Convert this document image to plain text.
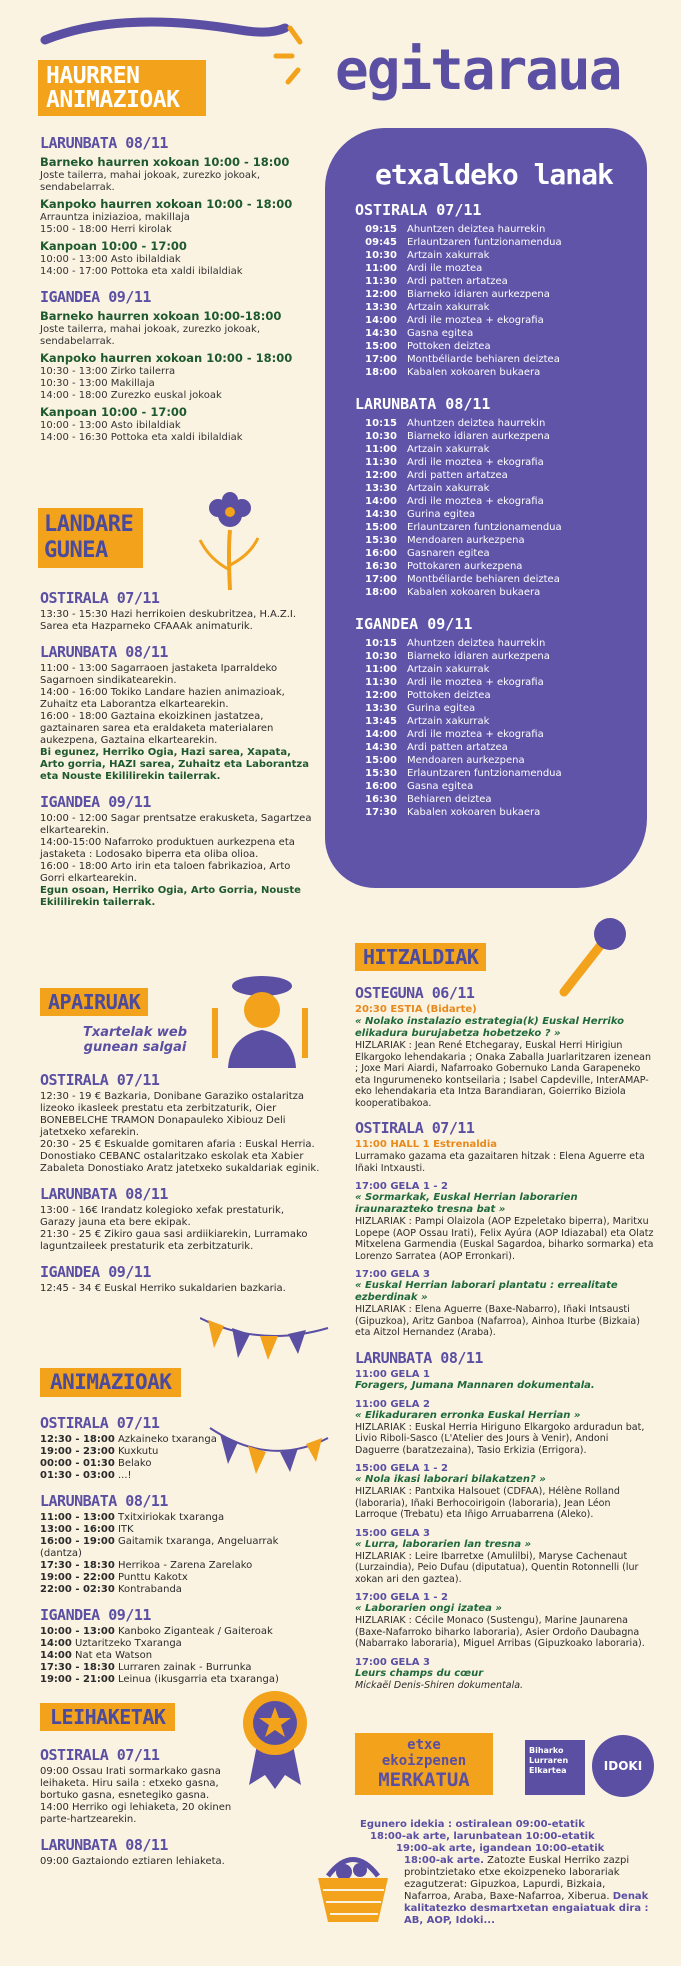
egitaraua
HAURREN ANIMAZIOAK
LARUNBATA 08/11
Barneko haurren xokoan 10:00 - 18:00
Joste tailerra, mahai jokoak, zurezko jokoak, sendabelarrak.
Kanpoko haurren xokoan 10:00 - 18:00
Arrauntza iniziazioa, makillaja
15:00 - 18:00 Herri kirolak
Kanpoan 10:00 - 17:00
10:00 - 13:00 Asto ibilaldiak
14:00 - 17:00 Pottoka eta xaldi ibilaldiak
IGANDEA 09/11
Barneko haurren xokoan 10:00-18:00
Joste tailerra, mahai jokoak, zurezko jokoak, sendabelarrak.
Kanpoko haurren xokoan 10:00 - 18:00
10:30 - 13:00 Zirko tailerra
10:30 - 13:00 Makillaja
14:00 - 18:00 Zurezko euskal jokoak
Kanpoan 10:00 - 17:00
10:00 - 13:00 Asto ibilaldiak
14:00 - 16:30 Pottoka eta xaldi ibilaldiak
etxaldeko lanak
OSTIRALA 07/11
09:15	Ahuntzen deiztea haurrekin
09:45	Erlauntzaren funtzionamendua
10:30	Artzain xakurrak
11:00	Ardi ile moztea
11:30	Ardi patten artatzea
12:00	Biarneko idiaren aurkezpena
13:30	Artzain xakurrak
14:00	Ardi ile moztea + ekografia
14:30	Gasna egitea
15:00	Pottoken deiztea
17:00	Montbéliarde behiaren deiztea
18:00	Kabalen xokoaren bukaera
LARUNBATA 08/11
10:15	Ahuntzen deiztea haurrekin
10:30	Biarneko idiaren aurkezpena
11:00	Artzain xakurrak
11:30	Ardi ile moztea + ekografia
12:00	Ardi patten artatzea
13:30	Artzain xakurrak
14:00	Ardi ile moztea + ekografia
14:30	Gurina egitea
15:00	Erlauntzaren funtzionamendua
15:30	Mendoaren aurkezpena
16:00	Gasnaren egitea
16:30	Pottokaren aurkezpena
17:00	Montbéliarde behiaren deiztea
18:00	Kabalen xokoaren bukaera
IGANDEA 09/11
10:15	Ahuntzen deiztea haurrekin
10:30	Biarneko idiaren aurkezpena
11:00	Artzain xakurrak
11:30	Ardi ile moztea + ekografia
12:00	Pottoken deiztea
13:30	Gurina egitea
13:45	Artzain xakurrak
14:00	Ardi ile moztea + ekografia
14:30	Ardi patten artatzea
15:00	Mendoaren aurkezpena
15:30	Erlauntzaren funtzionamendua
16:00	Gasna egitea
16:30	Behiaren deiztea
17:30	Kabalen xokoaren bukaera
LANDARE GUNEA
OSTIRALA 07/11
13:30 - 15:30 Hazi herrikoien deskubritzea, H.A.Z.I. Sarea eta Hazparneko CFAAAk animaturik.
LARUNBATA 08/11
11:00 - 13:00 Sagarraoen jastaketa Iparraldeko Sagarnoen sindikatearekin.
14:00 - 16:00 Tokiko Landare hazien animazioak, Zuhaitz eta Laborantza elkartearekin.
16:00 - 18:00 Gaztaina ekoizkinen jastatzea, gaztainaren sarea eta eraldaketa materialaren aukezpena, Gaztaina elkartearekin.
Bi egunez, Herriko Ogia, Hazi sarea, Xapata, Arto gorria, HAZI sarea, Zuhaitz eta Laborantza eta Nouste Ekililirekin tailerrak.
IGANDEA 09/11
10:00 - 12:00 Sagar prentsatze erakusketa, Sagartzea elkartearekin.
14:00-15:00 Nafarroko produktuen aurkezpena eta jastaketa : Lodosako biperra eta oliba olioa.
16:00 - 18:00 Arto irin eta taloen fabrikazioa, Arto Gorri elkartearekin.
Egun osoan, Herriko Ogia, Arto Gorria, Nouste Ekililirekin tailerrak.
APAIRUAK
Txartelak web gunean salgai
OSTIRALA 07/11
12:30 - 19 € Bazkaria, Donibane Garaziko ostalaritza lizeoko ikasleek prestatu eta zerbitzaturik, Oier BONEBELCHE TRAMON Donapauleko Xibiouz Deli jatetxeko xefarekin.
20:30 - 25 € Eskualde gomitaren afaria : Euskal Herria. Donostiako CEBANC ostalaritzako eskolak eta Xabier Zabaleta Donostiako Aratz jatetxeko sukaldariak eginik.
LARUNBATA 08/11
13:00 - 16€ Irandatz kolegioko xefak prestaturik, Garazy jauna eta bere ekipak.
21:30 - 25 € Zikiro gaua sasi ardiikiarekin, Lurramako laguntzaileek prestaturik eta zerbitzaturik.
IGANDEA 09/11
12:45 - 34 € Euskal Herriko sukaldarien bazkaria.
ANIMAZIOAK
OSTIRALA 07/11
12:30 - 18:00 Azkaineko txaranga
19:00 - 23:00 Kuxkutu
00:00 - 01:30 Belako
01:30 - 03:00 ...!
LARUNBATA 08/11
11:00 - 13:00 Txitxiriokak txaranga
13:00 - 16:00 ITK
16:00 - 19:00 Gaitamik txaranga, Angeluarrak (dantza)
17:30 - 18:30 Herrikoa - Zarena Zarelako
19:00 - 22:00 Punttu Kakotx
22:00 - 02:30 Kontrabanda
IGANDEA 09/11
10:00 - 13:00 Kanboko Ziganteak / Gaiteroak
14:00 Uztaritzeko Txaranga
14:00 Nat eta Watson
17:30 - 18:30 Lurraren zainak - Burrunka
19:00 - 21:00 Leinua (ikusgarria eta txaranga)
LEIHAKETAK
OSTIRALA 07/11
09:00 Ossau Irati sormarkako gasna leihaketa. Hiru saila : etxeko gasna, bortuko gasna, esnetegiko gasna.
14:00 Herriko ogi lehiaketa, 20 okinen parte-hartzearekin.
LARUNBATA 08/11
09:00 Gaztaiondo eztiaren lehiaketa.
HITZALDIAK
OSTEGUNA 06/11
20:30 ESTIA (Bidarte)
« Nolako instalazio estrategia(k) Euskal Herriko elikadura burujabetza hobetzeko ? »
HIZLARIAK : Jean René Etchegaray, Euskal Herri Hirigiun Elkargoko lehendakaria ; Onaka Zaballa Juarlaritzaren izenean ; Joxe Mari Aiardi, Nafarroako Gobernuko Landa Garapeneko eta Ingurumeneko kontseilaria ; Isabel Capdeville, InterAMAP-eko lehendakaria eta Intza Barandiaran, Goierriko Biziola kooperatibakoa.
OSTIRALA 07/11
11:00 HALL 1 Estrenaldia
Lurramako gazama eta gazaitaren hitzak : Elena Aguerre eta Iñaki Intxausti.
17:00 GELA 1 - 2
« Sormarkak, Euskal Herrian laborarien iraunarazteko tresna bat »
HIZLARIAK : Pampi Olaizola (AOP Ezpeletako biperra), Maritxu Lopepe (AOP Ossau Irati), Felix Ayúra (AOP Idiazabal) eta Olatz Mitxelena Garmendia (Euskal Sagardoa, biharko sormarka) eta Lorenzo Sarratea (AOP Erronkari).
17:00 GELA 3
« Euskal Herrian laborari plantatu : errealitate ezberdinak »
HIZLARIAK : Elena Aguerre (Baxe-Nabarro), Iñaki Intsausti (Gipuzkoa), Aritz Ganboa (Nafarroa), Ainhoa Iturbe (Bizkaia) eta Aitzol Hernandez (Araba).
LARUNBATA 08/11
11:00 GELA 1
Foragers, Jumana Mannaren dokumentala.
11:00 GELA 2
« Elikaduraren erronka Euskal Herrian »
HIZLARIAK : Euskal Herria Hiriguno Elkargoko arduradun bat, Livio Riboli-Sasco (L'Atelier des Jours à Venir), Andoni Daguerre (baratzezaina), Tasio Erkizia (Errigora).
15:00 GELA 1 - 2
« Nola ikasi laborari bilakatzen? »
HIZLARIAK : Pantxika Halsouet (CDFAA), Hélène Rolland (laboraria), Iñaki Berhocoirigoin (laboraria), Jean Léon Larroque (Trebatu) eta Iñigo Arruabarrena (Aleko).
15:00 GELA 3
« Lurra, laborarien lan tresna »
HIZLARIAK : Leire Ibarretxe (Amulilbi), Maryse Cachenaut (Lurzaindia), Peio Dufau (diputatua), Quentin Rotonnelli (lur xokan ari den gaztea).
17:00 GELA 1 - 2
« Laborarien ongi izatea »
HIZLARIAK : Cécile Monaco (Sustengu), Marine Jaunarena (Baxe-Nafarroko biharko laboraria), Asier Ordoño Daubagna (Nabarrako laboraria), Miguel Arribas (Gipuzkoako laboraria).
17:00 GELA 3
Leurs champs du cœur
Mickaël Denis-Shiren dokumentala.
etxe ekoizpenen
MERKATUA
Biharko
Lurraren
Elkartea	IDOKI
Egunero idekia : ostiralean 09:00-etatik
18:00-ak arte, larunbatean 10:00-etatik
19:00-ak arte, igandean 10:00-etatik
18:00-ak arte. Zatozte Euskal Herriko zazpi probintzietako etxe ekoizpeneko laborariak ezagutzerat: Gipuzkoa, Lapurdi, Bizkaia, Nafarroa, Araba, Baxe-Nafarroa, Xiberua. Denak kalitatezko desmartxetan engaiatuak dira : AB, AOP, Idoki...
